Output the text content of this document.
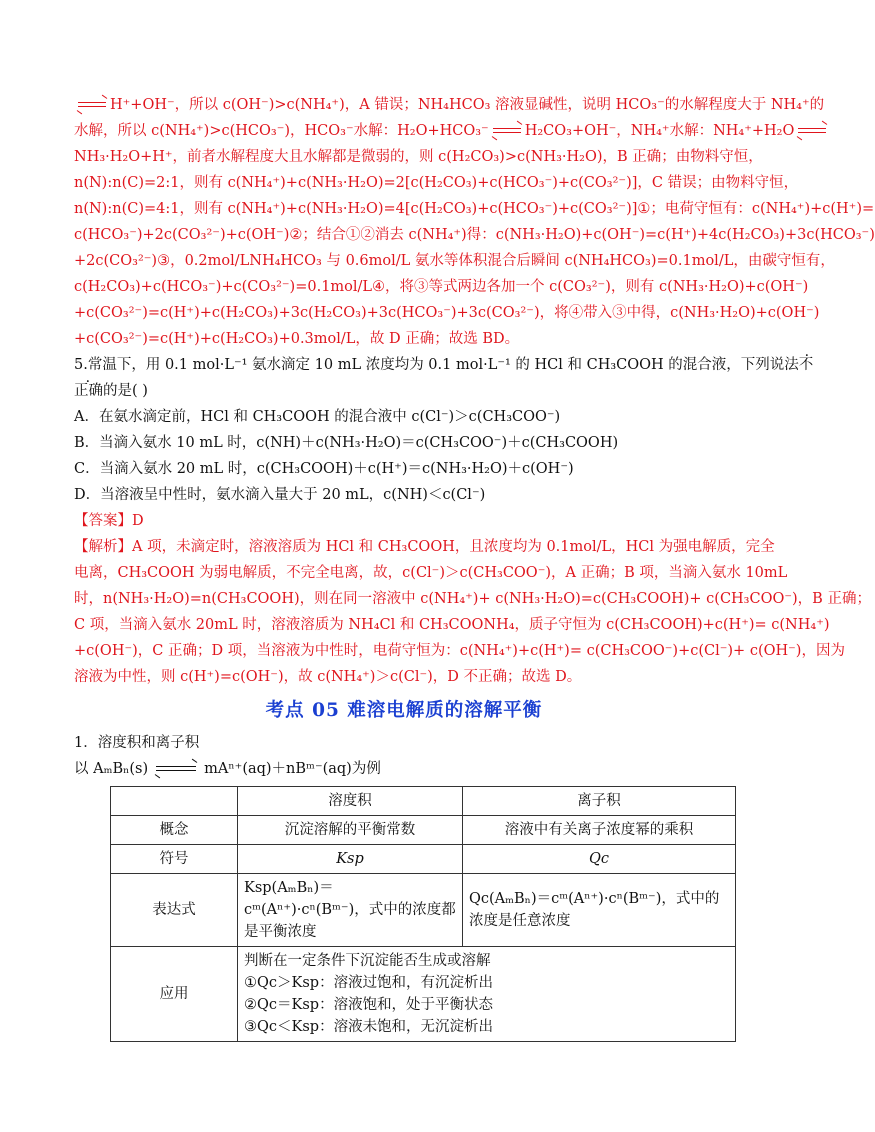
H⁺+OH⁻，所以 c(OH⁻)>c(NH₄⁺)，A 错误；NH₄HCO₃ 溶液显碱性，说明 HCO₃⁻的水解程度大于 NH₄⁺的
水解，所以 c(NH₄⁺)>c(HCO₃⁻)，HCO₃⁻水解：H₂O+HCO₃⁻ H₂CO₃+OH⁻，NH₄⁺水解：NH₄⁺+H₂O
NH₃·H₂O+H⁺，前者水解程度大且水解都是微弱的，则 c(H₂CO₃)>c(NH₃·H₂O)，B 正确；由物料守恒，
n(N):n(C)=2:1，则有 c(NH₄⁺)+c(NH₃·H₂O)=2[c(H₂CO₃)+c(HCO₃⁻)+c(CO₃²⁻)]，C 错误；由物料守恒，
n(N):n(C)=4:1，则有 c(NH₄⁺)+c(NH₃·H₂O)=4[c(H₂CO₃)+c(HCO₃⁻)+c(CO₃²⁻)]①；电荷守恒有：c(NH₄⁺)+c(H⁺)=
c(HCO₃⁻)+2c(CO₃²⁻)+c(OH⁻)②；结合①②消去 c(NH₄⁺)得：c(NH₃·H₂O)+c(OH⁻)=c(H⁺)+4c(H₂CO₃)+3c(HCO₃⁻)
+2c(CO₃²⁻)③，0.2mol/LNH₄HCO₃ 与 0.6mol/L 氨水等体积混合后瞬间 c(NH₄HCO₃)=0.1mol/L，由碳守恒有，
c(H₂CO₃)+c(HCO₃⁻)+c(CO₃²⁻)=0.1mol/L④，将③等式两边各加一个 c(CO₃²⁻)，则有 c(NH₃·H₂O)+c(OH⁻)
+c(CO₃²⁻)=c(H⁺)+c(H₂CO₃)+3c(H₂CO₃)+3c(HCO₃⁻)+3c(CO₃²⁻)，将④带入③中得，c(NH₃·H₂O)+c(OH⁻)
+c(CO₃²⁻)=c(H⁺)+c(H₂CO₃)+0.3mol/L，故 D 正确；故选 BD。
5.常温下，用 0.1 mol·L⁻¹ 氨水滴定 10 mL 浓度均为 0.1 mol·L⁻¹ 的 HCl 和 CH₃COOH 的混合液，下列说法不
正确的是( )
A．在氨水滴定前，HCl 和 CH₃COOH 的混合液中 c(Cl⁻)＞c(CH₃COO⁻)
B．当滴入氨水 10 mL 时，c(NH)＋c(NH₃·H₂O)＝c(CH₃COO⁻)＋c(CH₃COOH)
C．当滴入氨水 20 mL 时，c(CH₃COOH)＋c(H⁺)＝c(NH₃·H₂O)＋c(OH⁻)
D．当溶液呈中性时，氨水滴入量大于 20 mL，c(NH)＜c(Cl⁻)
【答案】D
【解析】A 项，未滴定时，溶液溶质为 HCl 和 CH₃COOH，且浓度均为 0.1mol/L，HCl 为强电解质，完全
电离，CH₃COOH 为弱电解质，不完全电离，故，c(Cl⁻)＞c(CH₃COO⁻)，A 正确；B 项，当滴入氨水 10mL
时，n(NH₃·H₂O)=n(CH₃COOH)，则在同一溶液中 c(NH₄⁺)+ c(NH₃·H₂O)=c(CH₃COOH)+ c(CH₃COO⁻)，B 正确；
C 项，当滴入氨水 20mL 时，溶液溶质为 NH₄Cl 和 CH₃COONH₄，质子守恒为 c(CH₃COOH)+c(H⁺)= c(NH₄⁺)
+c(OH⁻)，C 正确；D 项，当溶液为中性时，电荷守恒为：c(NH₄⁺)+c(H⁺)= c(CH₃COO⁻)+c(Cl⁻)+ c(OH⁻)，因为
溶液为中性，则 c(H⁺)=c(OH⁻)，故 c(NH₄⁺)＞c(Cl⁻)，D 不正确；故选 D。
考点 05 难溶电解质的溶解平衡
1．溶度积和离子积
以 AₘBₙ(s)	mAⁿ⁺(aq)＋nBᵐ⁻(aq)为例
	溶度积	离子积
概念	沉淀溶解的平衡常数	溶液中有关离子浓度幂的乘积
符号	Ksp	Qc
表达式	Ksp(AₘBₙ)＝cᵐ(Aⁿ⁺)·cⁿ(Bᵐ⁻)，式中的浓度都是平衡浓度	Qc(AₘBₙ)＝cᵐ(Aⁿ⁺)·cⁿ(Bᵐ⁻)，式中的浓度是任意浓度
应用	判断在一定条件下沉淀能否生成或溶解
①Qc＞Ksp：溶液过饱和，有沉淀析出
②Qc＝Ksp：溶液饱和，处于平衡状态
③Qc＜Ksp：溶液未饱和，无沉淀析出	
